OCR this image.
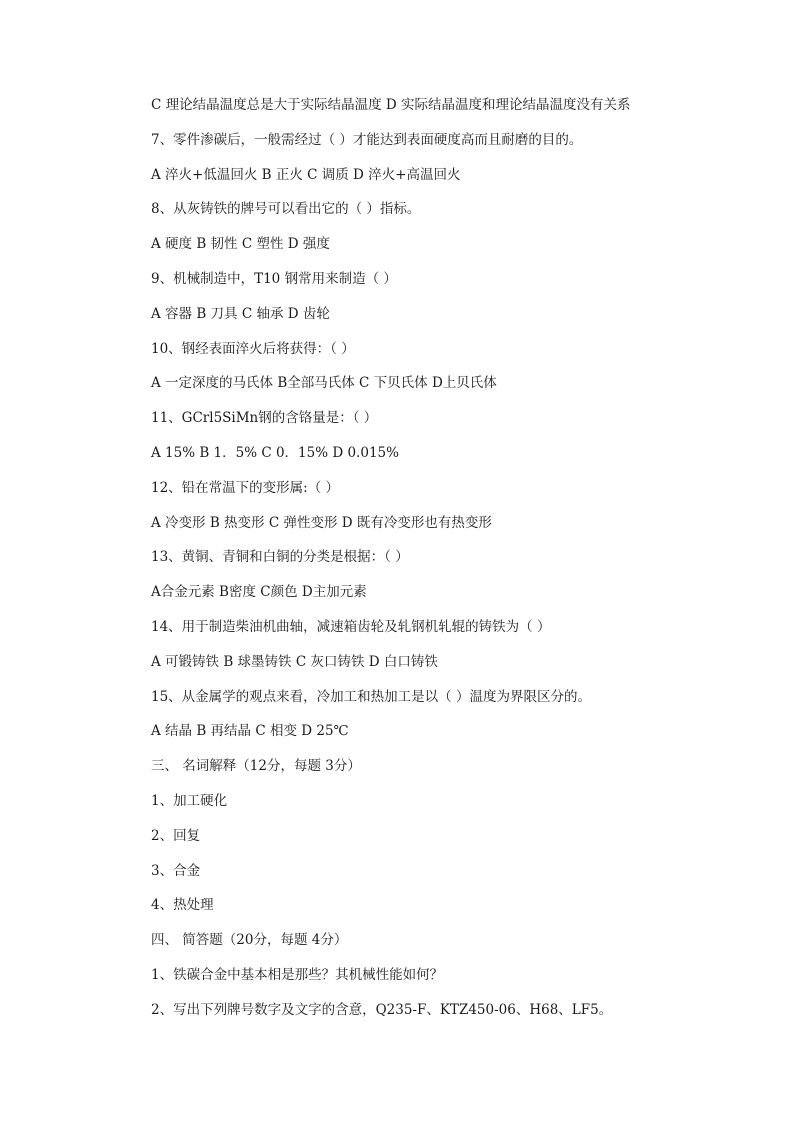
C 理论结晶温度总是大于实际结晶温度 D 实际结晶温度和理论结晶温度没有关系
7、零件渗碳后，一般需经过（ ）才能达到表面硬度高而且耐磨的目的。
A 淬火+低温回火 B 正火 C 调质 D 淬火+高温回火
8、从灰铸铁的牌号可以看出它的（ ）指标。
A 硬度 B 韧性 C 塑性 D 强度
9、机械制造中，T10 钢常用来制造（ ）
A 容器 B 刀具 C 轴承 D 齿轮
10、钢经表面淬火后将获得：（ ）
A 一定深度的马氏体 B全部马氏体 C 下贝氏体 D上贝氏体
11、GCrl5SiMn钢的含铬量是：（ ）
A 15% B 1．5% C 0．15% D 0.015%
12、铅在常温下的变形属:（ ）
A 冷变形 B 热变形 C 弹性变形 D 既有冷变形也有热变形
13、黄铜、青铜和白铜的分类是根据：（ ）
A合金元素 B密度 C颜色 D主加元素
14、用于制造柴油机曲轴，减速箱齿轮及轧钢机轧辊的铸铁为（ ）
A 可锻铸铁 B 球墨铸铁 C 灰口铸铁 D 白口铸铁
15、从金属学的观点来看，冷加工和热加工是以（ ）温度为界限区分的。
A 结晶 B 再结晶 C 相变 D 25℃
三、 名词解释（12分，每题 3分）
1、加工硬化
2、回复
3、合金
4、热处理
四、 简答题（20分，每题 4分）
1、铁碳合金中基本相是那些？其机械性能如何？
2、写出下列牌号数字及文字的含意，Q235-F、KTZ450-06、H68、LF5。
